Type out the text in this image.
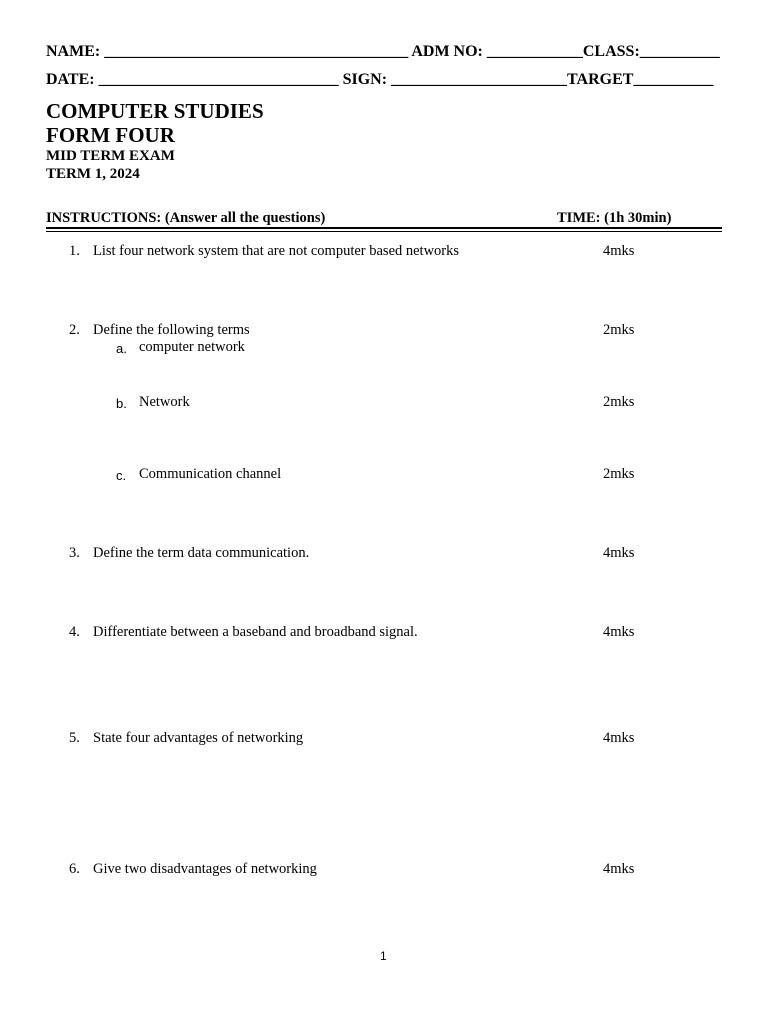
NAME: ______________________________________ ADM NO: ____________CLASS:__________
DATE: ______________________________ SIGN: ______________________TARGET__________
COMPUTER STUDIES
FORM FOUR
MID TERM EXAM
TERM 1, 2024
INSTRUCTIONS: (Answer all the questions)	TIME: (1h 30min)
1. List four network system that are not computer based networks	4mks
2. Define the following terms	2mks
a. computer network
b. Network	2mks
c. Communication channel	2mks
3. Define the term data communication.	4mks
4. Differentiate between a baseband and broadband signal.	4mks
5. State four advantages of networking	4mks
6. Give two disadvantages of networking	4mks
1
